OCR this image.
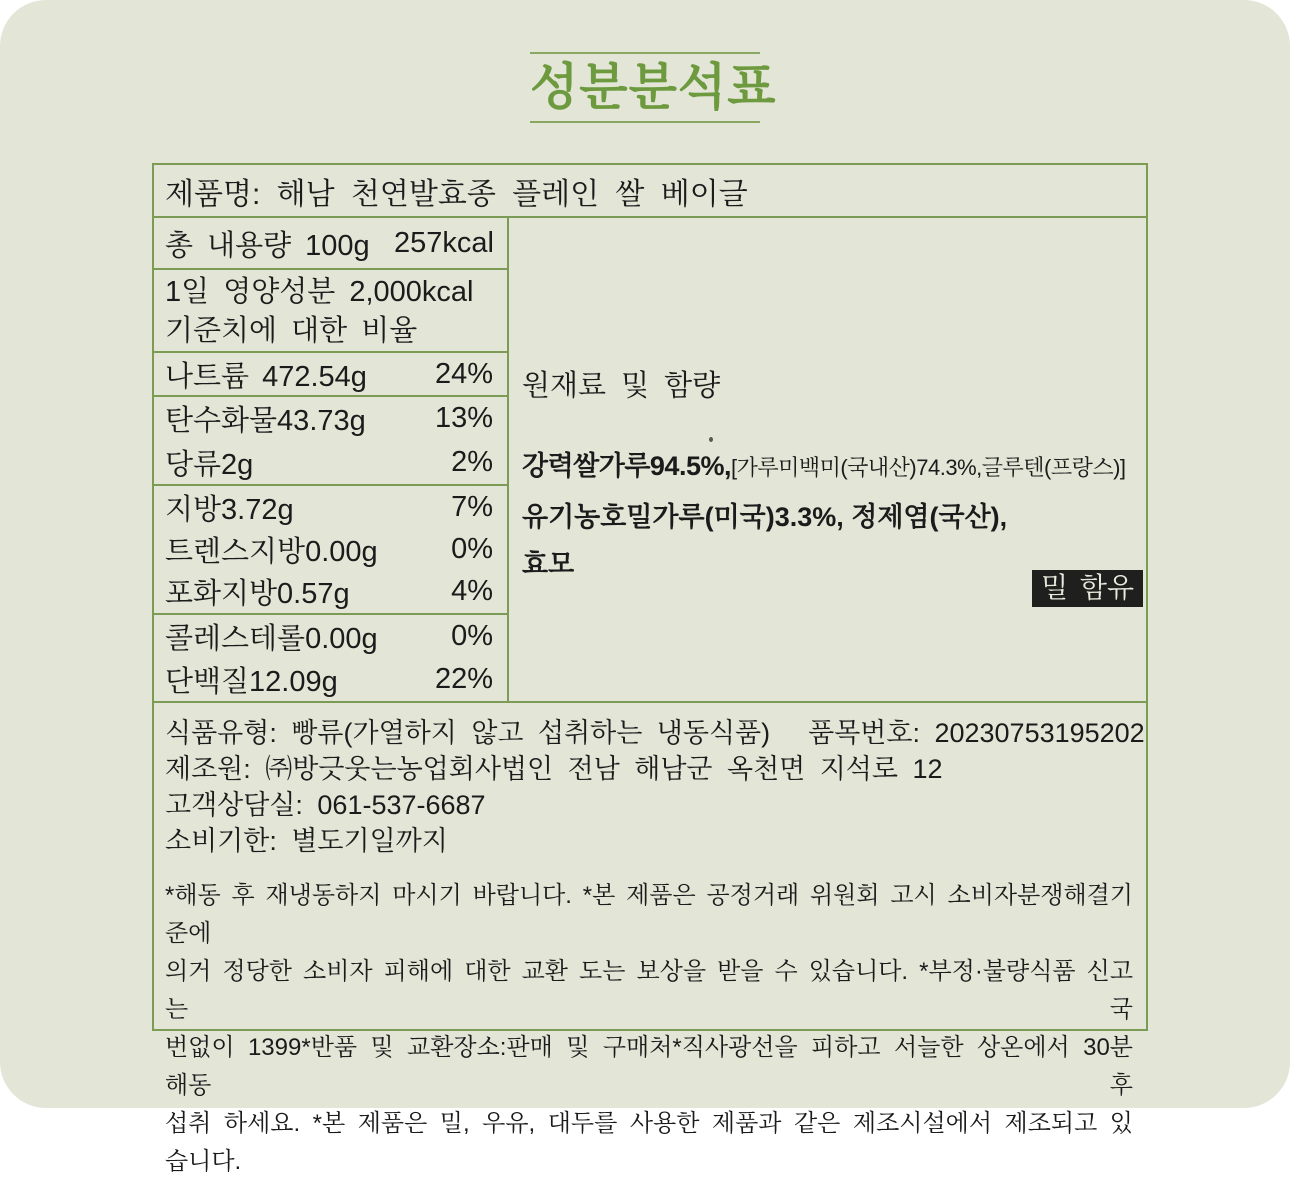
성분분석표
제품명: 해남 천연발효종 플레인 쌀 베이글
총 내용량 100g 257kcal
1일 영양성분 2,000kcal
기준치에 대한 비율
나트륨 472.54g 24%
탄수화물43.73g 13%
당류2g	2%
지방3.72g	7%
트렌스지방0.00g	0%
포화지방0.57g	4%
콜레스테롤0.00g	0%
단백질12.09g	22%
원재료 및 함량
강력쌀가루94.5%,[가루미백미(국내산)74.3%,글루텐(프랑스)]
유기농호밀가루(미국)3.3%, 정제염(국산),
효모
밀 함유
식품유형: 빵류(가열하지 않고 섭취하는 냉동식품) 품목번호: 20230753195202
제조원: ㈜방긋웃는농업회사법인 전남 해남군 옥천면 지석로 12
고객상담실: 061-537-6687
소비기한: 별도기일까지
*해동 후 재냉동하지 마시기 바랍니다. *본 제품은 공정거래 위원회 고시 소비자분쟁해결기준에
의거 정당한 소비자 피해에 대한 교환 도는 보상을 받을 수 있습니다. *부정·불량식품 신고는 국
번없이 1399*반품 및 교환장소:판매 및 구매처*직사광선을 피하고 서늘한 상온에서 30분 해동 후
섭취 하세요. *본 제품은 밀, 우유, 대두를 사용한 제품과 같은 제조시설에서 제조되고 있습니다.
